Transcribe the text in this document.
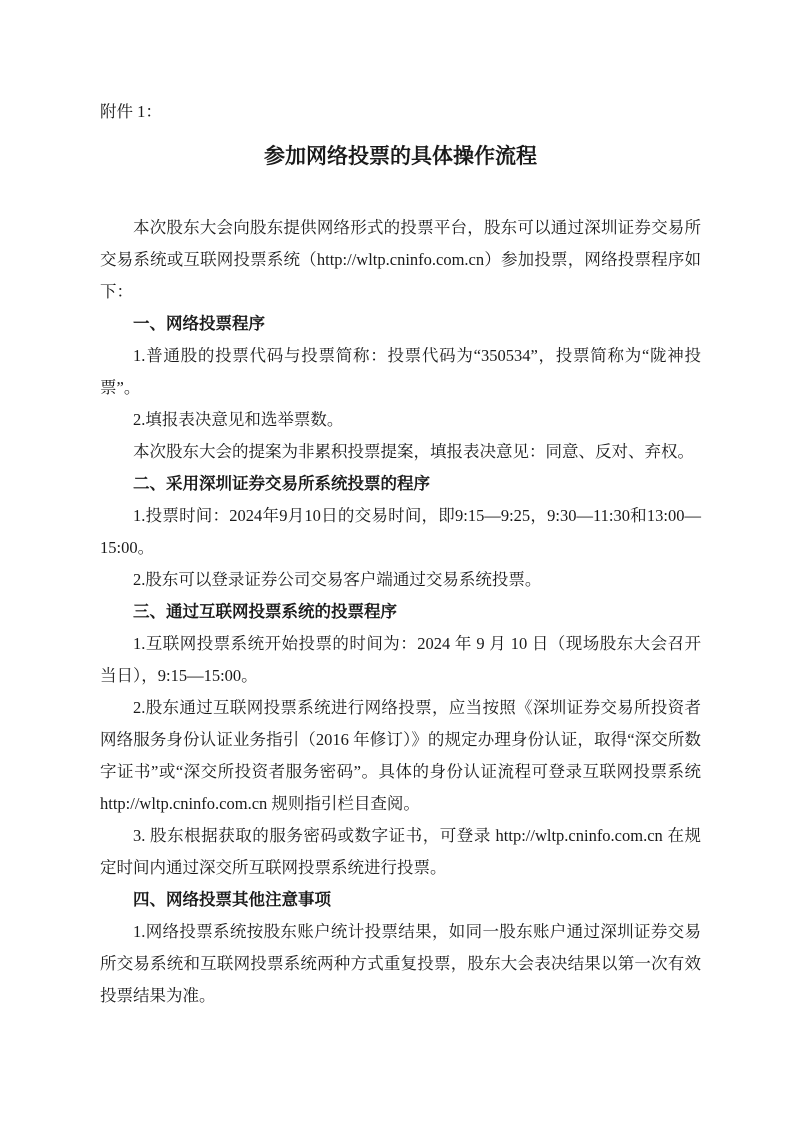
附件 1：

参加网络投票的具体操作流程

本次股东大会向股东提供网络形式的投票平台，股东可以通过深圳证券交易所交易系统或互联网投票系统（http://wltp.cninfo.com.cn）参加投票，网络投票程序如下：

一、网络投票程序

1.普通股的投票代码与投票简称：投票代码为“350534”，投票简称为“陇神投票”。

2.填报表决意见和选举票数。

本次股东大会的提案为非累积投票提案，填报表决意见：同意、反对、弃权。

二、采用深圳证券交易所系统投票的程序

1.投票时间：2024年9月10日的交易时间，即9:15—9:25，9:30—11:30和13:00—15:00。

2.股东可以登录证券公司交易客户端通过交易系统投票。

三、通过互联网投票系统的投票程序

1.互联网投票系统开始投票的时间为：2024 年 9 月 10 日（现场股东大会召开当日），9:15—15:00。

2.股东通过互联网投票系统进行网络投票，应当按照《深圳证券交易所投资者网络服务身份认证业务指引（2016 年修订）》的规定办理身份认证，取得“深交所数字证书”或“深交所投资者服务密码”。具体的身份认证流程可登录互联网投票系统 http://wltp.cninfo.com.cn 规则指引栏目查阅。

3. 股东根据获取的服务密码或数字证书，可登录 http://wltp.cninfo.com.cn 在规定时间内通过深交所互联网投票系统进行投票。

四、网络投票其他注意事项

1.网络投票系统按股东账户统计投票结果，如同一股东账户通过深圳证券交易所交易系统和互联网投票系统两种方式重复投票，股东大会表决结果以第一次有效投票结果为准。
